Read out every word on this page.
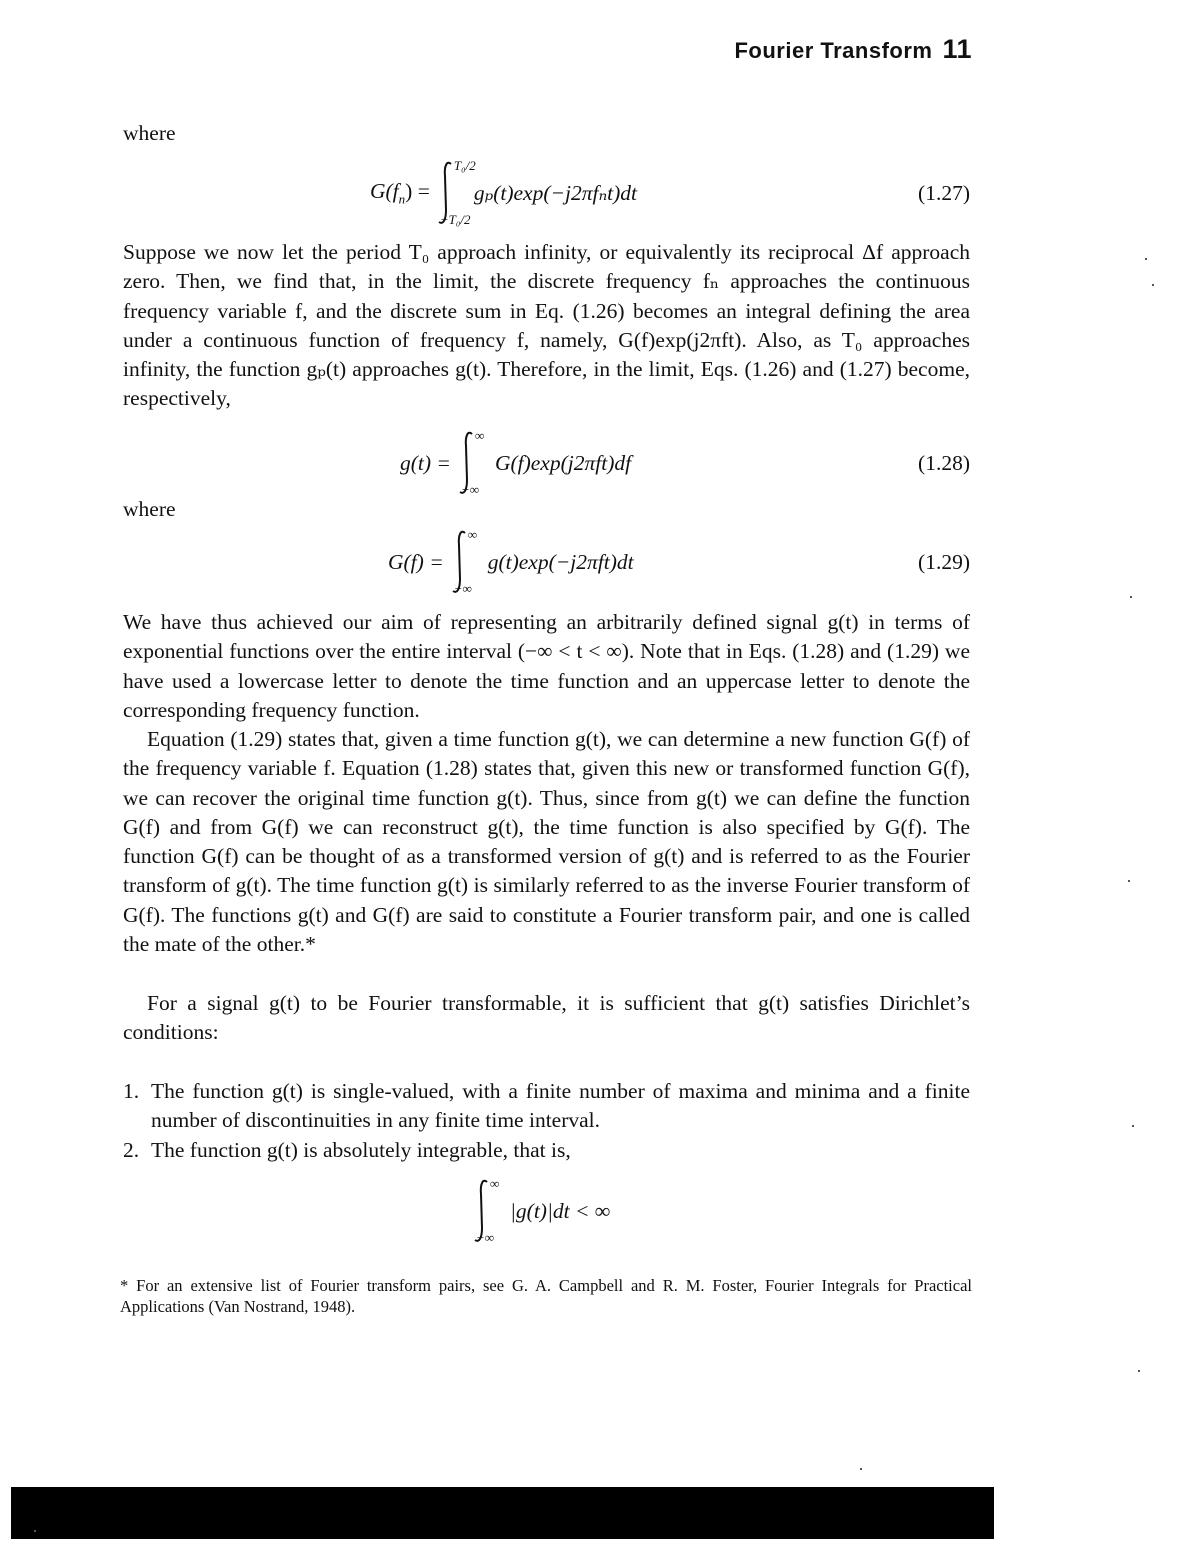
Fourier Transform 11
where
$G(f_n)$ =
T₀/2
−T₀/2
gₚ(t)exp(−j2πfₙt)dt	(1.27)
Suppose we now let the period T₀ approach infinity, or equivalently its reciprocal Δf approach zero. Then, we find that, in the limit, the discrete frequency fₙ approaches the continuous frequency variable f, and the discrete sum in Eq. (1.26) becomes an integral defining the area under a continuous function of frequency f, namely, G(f)exp(j2πft). Also, as T₀ approaches infinity, the function gₚ(t) approaches g(t). Therefore, in the limit, Eqs. (1.26) and (1.27) become, respectively,
g(t) =
∞
−∞
G(f)exp(j2πft)df	(1.28)
where
G(f) =
∞
−∞
g(t)exp(−j2πft)dt	(1.29)
We have thus achieved our aim of representing an arbitrarily defined signal g(t) in terms of exponential functions over the entire interval (−∞ < t < ∞). Note that in Eqs. (1.28) and (1.29) we have used a lowercase letter to denote the time function and an uppercase letter to denote the corresponding frequency function.
Equation (1.29) states that, given a time function g(t), we can determine a new function G(f) of the frequency variable f. Equation (1.28) states that, given this new or transformed function G(f), we can recover the original time function g(t). Thus, since from g(t) we can define the function G(f) and from G(f) we can reconstruct g(t), the time function is also specified by G(f). The function G(f) can be thought of as a transformed version of g(t) and is referred to as the Fourier transform of g(t). The time function g(t) is similarly referred to as the inverse Fourier transform of G(f). The functions g(t) and G(f) are said to constitute a Fourier transform pair, and one is called the mate of the other.*
For a signal g(t) to be Fourier transformable, it is sufficient that g(t) satisfies Dirichlet’s conditions:
1. The function g(t) is single-valued, with a finite number of maxima and minima and a finite number of discontinuities in any finite time interval.
2. The function g(t) is absolutely integrable, that is,
∞
−∞
|g(t)|dt < ∞
* For an extensive list of Fourier transform pairs, see G. A. Campbell and R. M. Foster, Fourier Integrals for Practical Applications (Van Nostrand, 1948).
